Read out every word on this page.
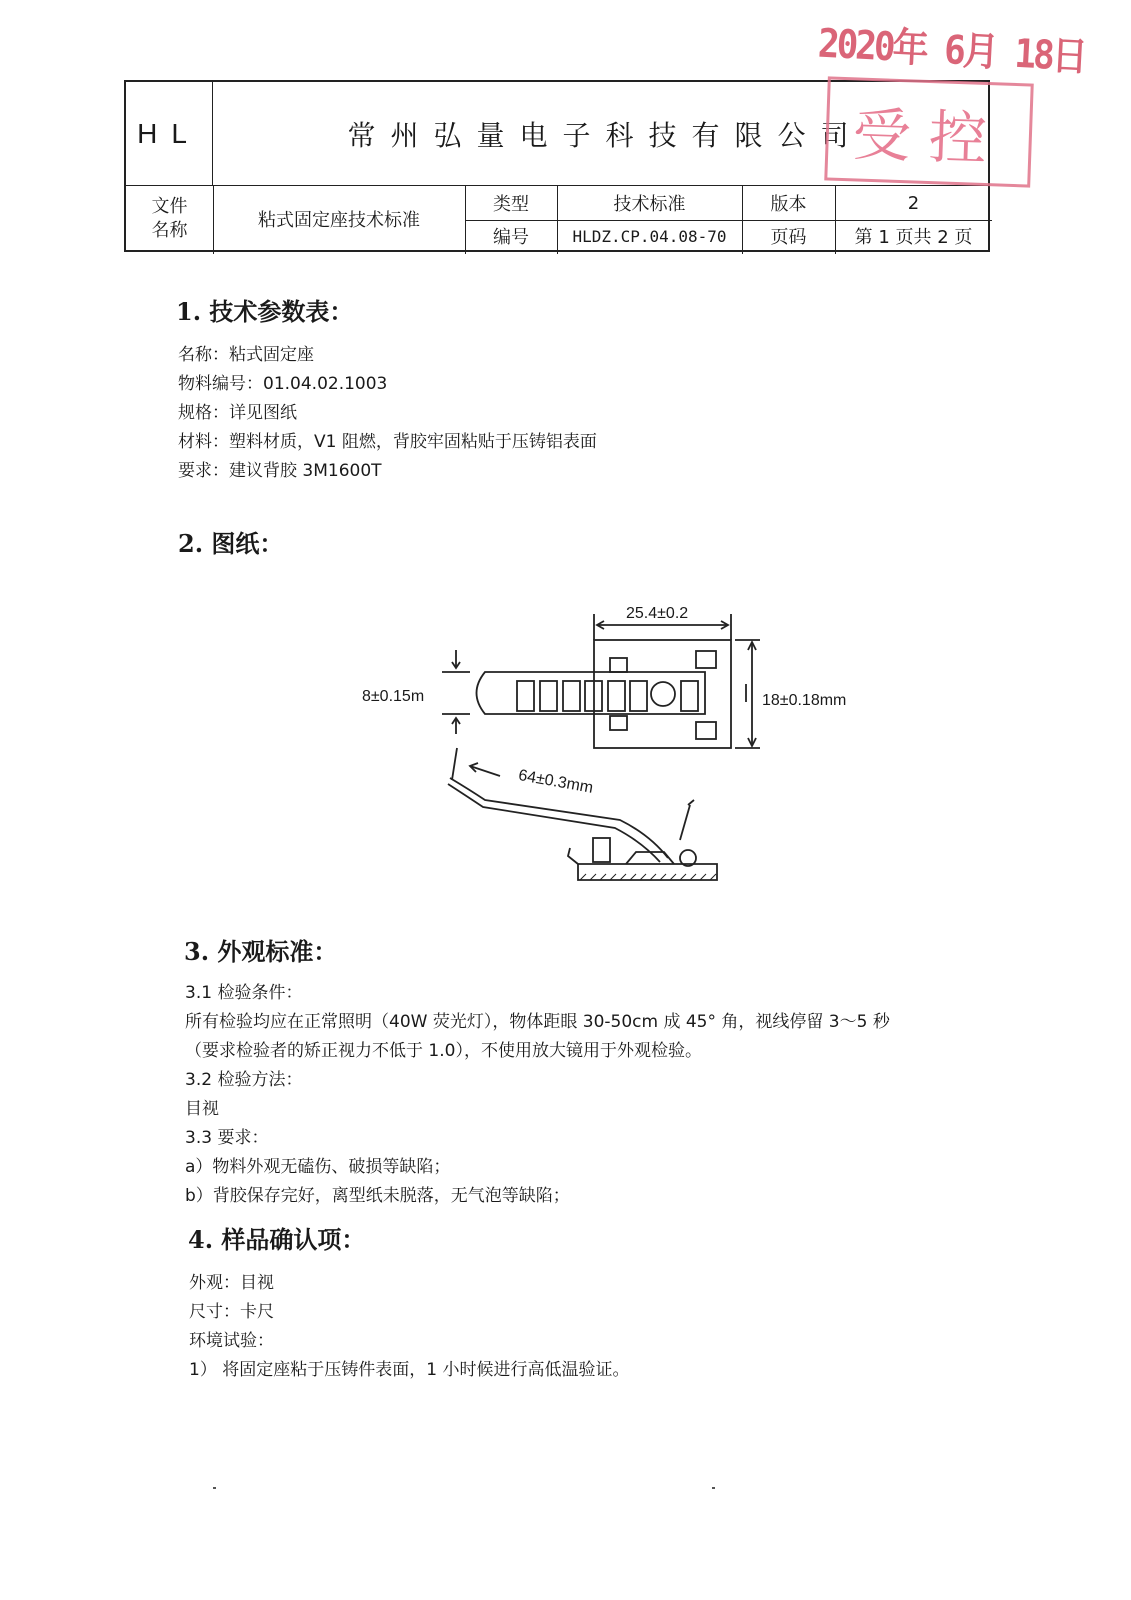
2020年 6月 18日
HL	常州弘量电子科技有限公司
文件名称	粘式固定座技术标准
类型	技术标准	版本	2
编号	HLDZ.CP.04.08-70	页码	第 1 页共 2 页
受控
1. 技术参数表：
名称：粘式固定座
物料编号：01.04.02.1003
规格：详见图纸
材料：塑料材质，V1 阻燃，背胶牢固粘贴于压铸铝表面
要求：建议背胶 3M1600T
2. 图纸：
25.4±0.2
8±0.15m	18±0.18mm
64±0.3mm
3. 外观标准：
3.1 检验条件：
所有检验均应在正常照明（40W 荧光灯），物体距眼 30-50cm 成 45° 角，视线停留 3～5 秒
（要求检验者的矫正视力不低于 1.0），不使用放大镜用于外观检验。
3.2 检验方法：
目视
3.3 要求：
a）物料外观无磕伤、破损等缺陷；
b）背胶保存完好，离型纸未脱落，无气泡等缺陷；
4. 样品确认项：
外观：目视
尺寸：卡尺
环境试验：
1） 将固定座粘于压铸件表面，1 小时候进行高低温验证。
